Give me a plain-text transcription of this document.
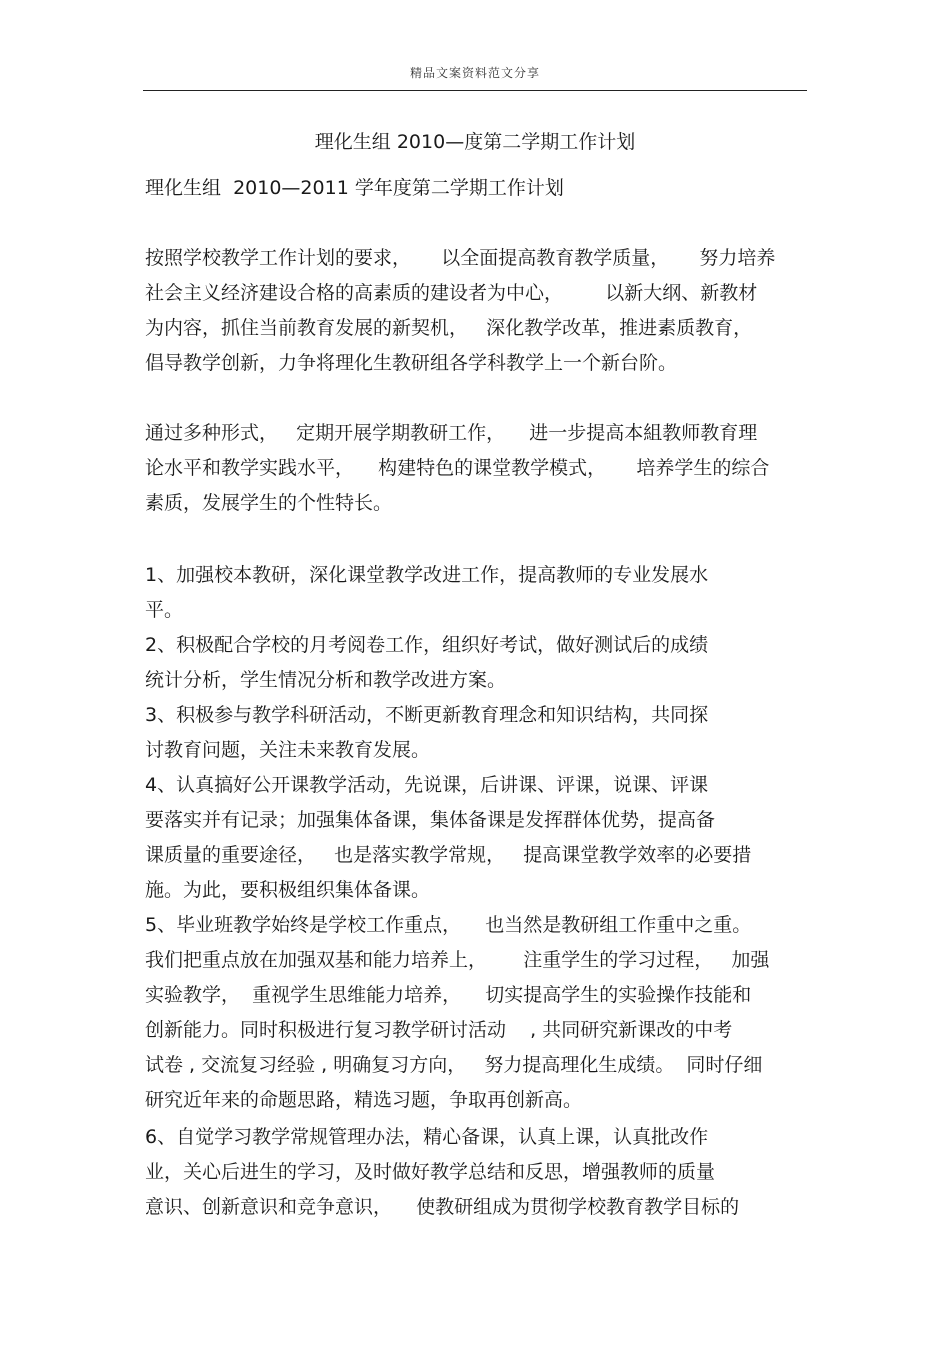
精品文案资料范文分享
理化生组 2010—度第二学期工作计划
理化生组  2010—2011 学年度第二学期工作计划
按照学校教学工作计划的要求，     以全面提高教育教学质量，     努力培养
社会主义经济建设合格的高素质的建设者为中心，       以新大纲、新教材
为内容，抓住当前教育发展的新契机，   深化教学改革，推进素质教育，
倡导教学创新，力争将理化生教研组各学科教学上一个新台阶。
通过多种形式，   定期开展学期教研工作，    进一步提高本組教师教育理
论水平和教学实践水平，    构建特色的课堂教学模式，     培养学生的综合
素质，发展学生的个性特长。
1、加强校本教研，深化课堂教学改进工作，提高教师的专业发展水
平。
2、积极配合学校的月考阅卷工作，组织好考试，做好测试后的成绩
统计分析，学生情况分析和教学改进方案。
3、积极参与教学科研活动，不断更新教育理念和知识结构，共同探
讨教育问题，关注未来教育发展。
4、认真搞好公开课教学活动，先说课，后讲课、评课，说课、评课
要落实并有记录；加强集体备课，集体备课是发挥群体优势，提高备
课质量的重要途径，   也是落实教学常规，   提高课堂教学效率的必要措
施。为此，要积极组织集体备课。
5、毕业班教学始终是学校工作重点，    也当然是教研组工作重中之重。
我们把重点放在加强双基和能力培养上，      注重学生的学习过程，   加强
实验教学，  重视学生思维能力培养，    切实提高学生的实验操作技能和
创新能力。同时积极进行复习教学研讨活动    , 共同研究新课改的中考
试卷 , 交流复习经验 , 明确复习方向，   努力提高理化生成绩。  同时仔细
研究近年来的命题思路，精选习题，争取再创新高。
6、自觉学习教学常规管理办法，精心备课，认真上课，认真批改作
业，关心后进生的学习，及时做好教学总结和反思，增强教师的质量
意识、创新意识和竞争意识，    使教研组成为贯彻学校教育教学目标的
